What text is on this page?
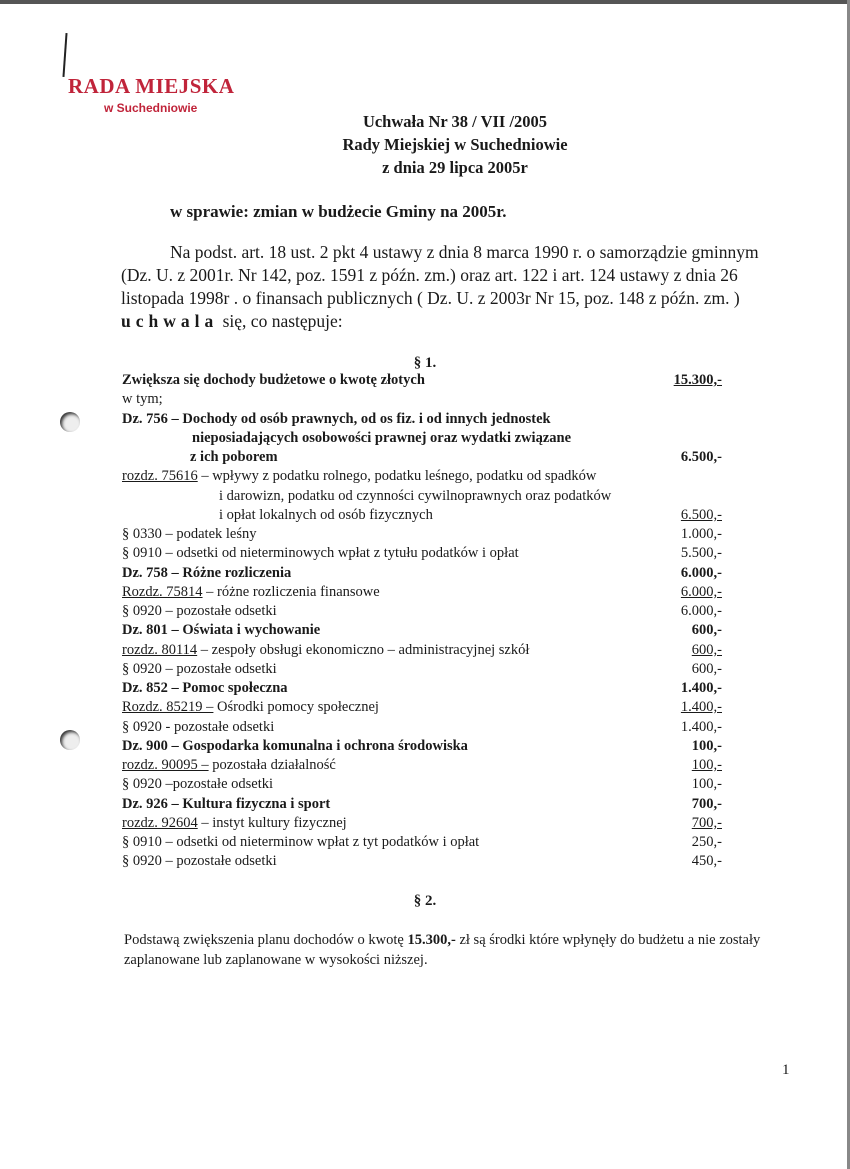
RADA MIEJSKA
w Suchedniowie
Uchwała Nr 38 / VII /2005
Rady Miejskiej w Suchedniowie
z dnia 29 lipca 2005r
w sprawie: zmian w budżecie Gminy na 2005r.

Na podst. art. 18 ust. 2 pkt 4 ustawy z dnia 8 marca 1990 r. o samorządzie gminnym (Dz. U. z 2001r. Nr 142, poz. 1591 z późn. zm.) oraz art. 122 i art. 124 ustawy z dnia 26 listopada 1998r . o finansach publicznych ( Dz. U. z 2003r Nr 15, poz. 148 z późn. zm. ) uchwala się, co następuje:

§ 1.
Zwiększa się dochody budżetowe o kwotę złotych	15.300,-
w tym;
Dz. 756 – Dochody od osób prawnych, od os fiz. i od innych jednostek
nieposiadających osobowości prawnej oraz wydatki związane
z ich poborem	6.500,-
rozdz. 75616 – wpływy z podatku rolnego, podatku leśnego, podatku od spadków
i darowizn, podatku od czynności cywilnoprawnych oraz podatków
i opłat lokalnych od osób fizycznych	6.500,-
§ 0330 – podatek leśny	1.000,-
§ 0910 – odsetki od nieterminowych wpłat z tytułu podatków i opłat	5.500,-
Dz. 758 – Różne rozliczenia	6.000,-
Rozdz. 75814 – różne rozliczenia finansowe	6.000,-
§ 0920 – pozostałe odsetki	6.000,-
Dz. 801 – Oświata i wychowanie	600,-
rozdz. 80114 – zespoły obsługi ekonomiczno – administracyjnej szkół	600,-
§ 0920 – pozostałe odsetki	600,-
Dz. 852 – Pomoc społeczna	1.400,-
Rozdz. 85219 – Ośrodki pomocy społecznej	1.400,-
§ 0920 - pozostałe odsetki	1.400,-
Dz. 900 – Gospodarka komunalna i ochrona środowiska	100,-
rozdz. 90095 – pozostała działalność	100,-
§ 0920 –pozostałe odsetki	100,-
Dz. 926 – Kultura fizyczna i sport	700,-
rozdz. 92604 – instyt kultury fizycznej	700,-
§ 0910 – odsetki od nieterminow wpłat z tyt podatków i opłat	250,-
§ 0920 – pozostałe odsetki	450,-
§ 2.
Podstawą zwiększenia planu dochodów o kwotę 15.300,- zł są środki które wpłynęły do budżetu a nie zostały zaplanowane lub zaplanowane w wysokości niższej.
1
